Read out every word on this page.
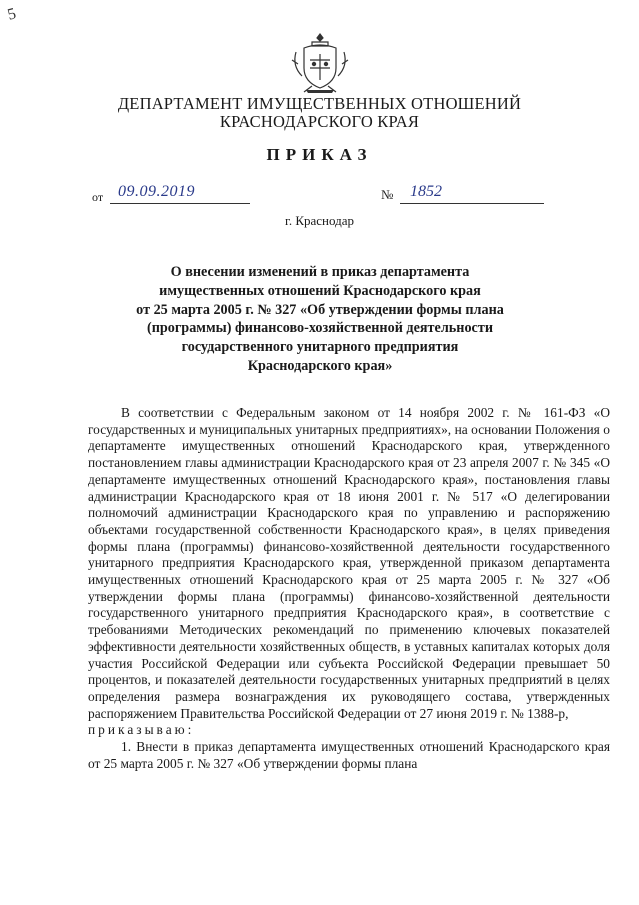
5
ДЕПАРТАМЕНТ ИМУЩЕСТВЕННЫХ ОТНОШЕНИЙ
КРАСНОДАРСКОГО КРАЯ
ПРИКАЗ
от 09.09.2019	№ 1852
г. Краснодар
О внесении изменений в приказ департамента
имущественных отношений Краснодарского края
от 25 марта 2005 г. № 327 «Об утверждении формы плана
(программы) финансово-хозяйственной деятельности
государственного унитарного предприятия
Краснодарского края»

В соответствии с Федеральным законом от 14 ноября 2002 г. № 161-ФЗ «О государственных и муниципальных унитарных предприятиях», на основании Положения о департаменте имущественных отношений Краснодарского края, утвержденного постановлением главы администрации Краснодарского края от 23 апреля 2007 г. № 345 «О департаменте имущественных отношений Краснодарского края», постановления главы администрации Краснодарского края от 18 июня 2001 г. № 517 «О делегировании полномочий администрации Краснодарского края по управлению и распоряжению объектами государственной собственности Краснодарского края», в целях приведения формы плана (программы) финансово-хозяйственной деятельности государственного унитарного предприятия Краснодарского края, утвержденной приказом департамента имущественных отношений Краснодарского края от 25 марта 2005 г. № 327 «Об утверждении формы плана (программы) финансово-хозяйственной деятельности государственного унитарного предприятия Краснодарского края», в соответствие с требованиями Методических рекомендаций по применению ключевых показателей эффективности деятельности хозяйственных обществ, в уставных капиталах которых доля участия Российской Федерации или субъекта Российской Федерации превышает 50 процентов, и показателей деятельности государственных унитарных предприятий в целях определения размера вознаграждения их руководящего состава, утвержденных распоряжением Правительства Российской Федерации от 27 июня 2019 г. № 1388-р,

приказываю:

1. Внести в приказ департамента имущественных отношений Краснодарского края от 25 марта 2005 г. № 327 «Об утверждении формы плана
